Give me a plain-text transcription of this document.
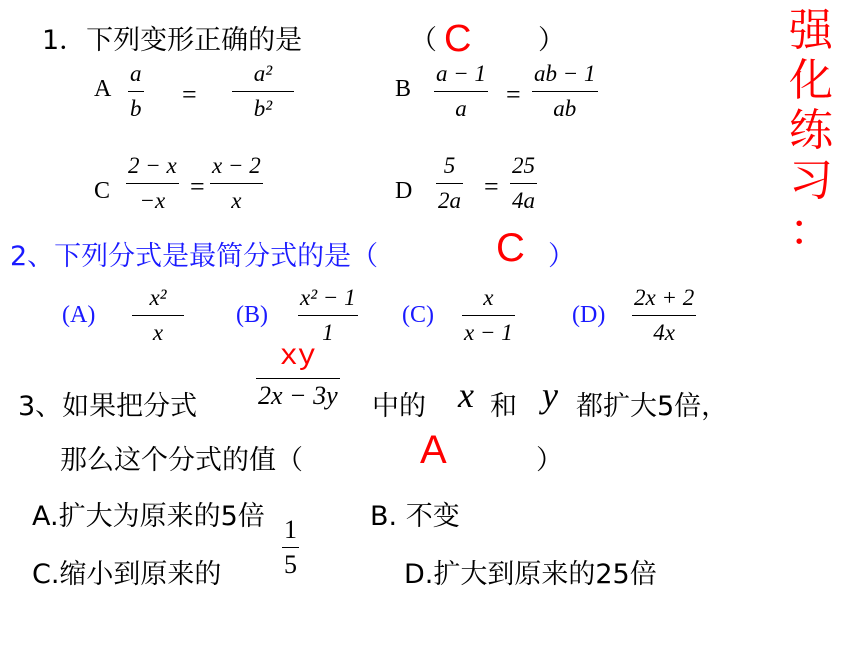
强
化
练
习
：
1．下列变形正确的是	（	）
C
A
a
b =
a²
b²
B
a − 1
a =
ab − 1
ab
C
2 − x
−x =
x − 2
x	D
5
2a =
25
4a
2、下列分式是最简分式的是（	）
C
(A)
x²
x
(B)
x² − 1
1
(C)
x
x − 1
(D)
2x + 2
4x
3、如果把分式
xy
2x − 3y 中的 x 和 y 都扩大5倍，
那么这个分式的值（	）
A
A.扩大为原来的5倍	B. 不变
C.缩小到原来的
1
5	D.扩大到原来的25倍
